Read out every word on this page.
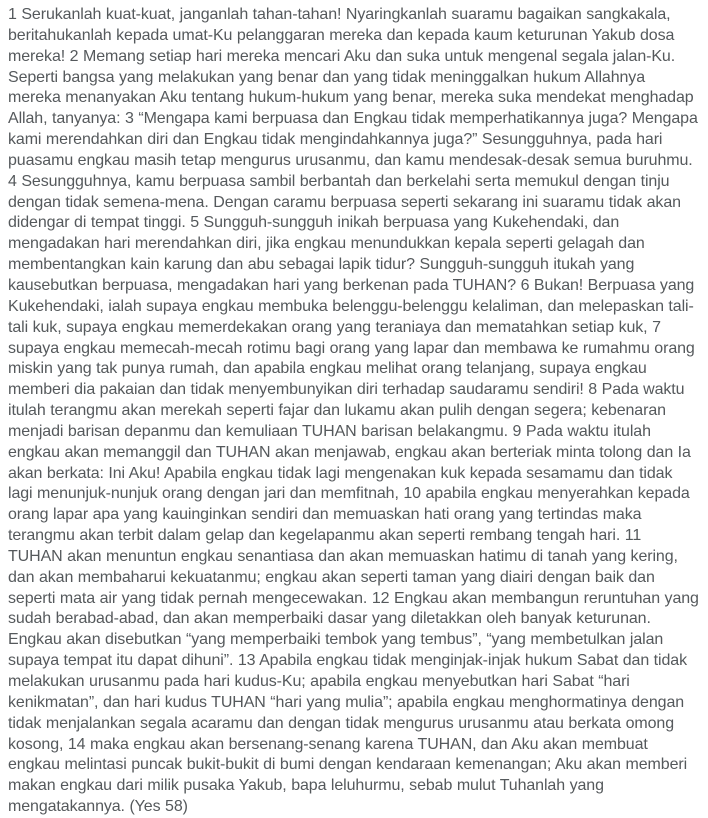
1 Serukanlah kuat-kuat, janganlah tahan-tahan! Nyaringkanlah suaramu bagaikan sangkakala, beritahukanlah kepada umat-Ku pelanggaran mereka dan kepada kaum keturunan Yakub dosa mereka! 2 Memang setiap hari mereka mencari Aku dan suka untuk mengenal segala jalan-Ku. Seperti bangsa yang melakukan yang benar dan yang tidak meninggalkan hukum Allahnya mereka menanyakan Aku tentang hukum-hukum yang benar, mereka suka mendekat menghadap Allah, tanyanya: 3 “Mengapa kami berpuasa dan Engkau tidak memperhatikannya juga? Mengapa kami merendahkan diri dan Engkau tidak mengindahkannya juga?” Sesungguhnya, pada hari puasamu engkau masih tetap mengurus urusanmu, dan kamu mendesak-desak semua buruhmu. 4 Sesungguhnya, kamu berpuasa sambil berbantah dan berkelahi serta memukul dengan tinju dengan tidak semena-mena. Dengan caramu berpuasa seperti sekarang ini suaramu tidak akan didengar di tempat tinggi. 5 Sungguh-sungguh inikah berpuasa yang Kukehendaki, dan mengadakan hari merendahkan diri, jika engkau menundukkan kepala seperti gelagah dan membentangkan kain karung dan abu sebagai lapik tidur? Sungguh-sungguh itukah yang kausebutkan berpuasa, mengadakan hari yang berkenan pada TUHAN? 6 Bukan! Berpuasa yang Kukehendaki, ialah supaya engkau membuka belenggu-belenggu kelaliman, dan melepaskan tali-tali kuk, supaya engkau memerdekakan orang yang teraniaya dan mematahkan setiap kuk, 7 supaya engkau memecah-mecah rotimu bagi orang yang lapar dan membawa ke rumahmu orang miskin yang tak punya rumah, dan apabila engkau melihat orang telanjang, supaya engkau memberi dia pakaian dan tidak menyembunyikan diri terhadap saudaramu sendiri! 8 Pada waktu itulah terangmu akan merekah seperti fajar dan lukamu akan pulih dengan segera; kebenaran menjadi barisan depanmu dan kemuliaan TUHAN barisan belakangmu. 9 Pada waktu itulah engkau akan memanggil dan TUHAN akan menjawab, engkau akan berteriak minta tolong dan Ia akan berkata: Ini Aku! Apabila engkau tidak lagi mengenakan kuk kepada sesamamu dan tidak lagi menunjuk-nunjuk orang dengan jari dan memfitnah, 10 apabila engkau menyerahkan kepada orang lapar apa yang kauinginkan sendiri dan memuaskan hati orang yang tertindas maka terangmu akan terbit dalam gelap dan kegelapanmu akan seperti rembang tengah hari. 11 TUHAN akan menuntun engkau senantiasa dan akan memuaskan hatimu di tanah yang kering, dan akan membaharui kekuatanmu; engkau akan seperti taman yang diairi dengan baik dan seperti mata air yang tidak pernah mengecewakan. 12 Engkau akan membangun reruntuhan yang sudah berabad-abad, dan akan memperbaiki dasar yang diletakkan oleh banyak keturunan. Engkau akan disebutkan “yang memperbaiki tembok yang tembus”, “yang membetulkan jalan supaya tempat itu dapat dihuni”. 13 Apabila engkau tidak menginjak-injak hukum Sabat dan tidak melakukan urusanmu pada hari kudus-Ku; apabila engkau menyebutkan hari Sabat “hari kenikmatan”, dan hari kudus TUHAN “hari yang mulia”; apabila engkau menghormatinya dengan tidak menjalankan segala acaramu dan dengan tidak mengurus urusanmu atau berkata omong kosong, 14 maka engkau akan bersenang-senang karena TUHAN, dan Aku akan membuat engkau melintasi puncak bukit-bukit di bumi dengan kendaraan kemenangan; Aku akan memberi makan engkau dari milik pusaka Yakub, bapa leluhurmu, sebab mulut Tuhanlah yang mengatakannya. (Yes 58)
